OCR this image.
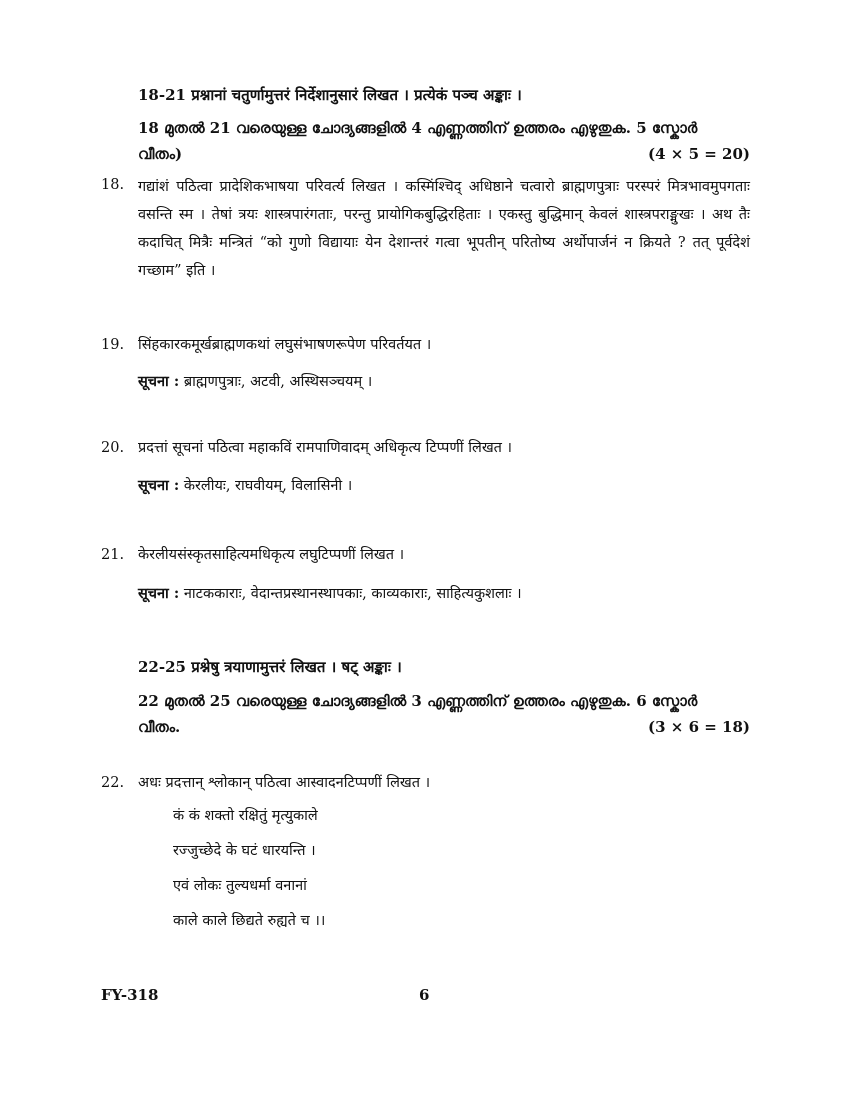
18-21 प्रश्नानां चतुर्णामुत्तरं निर्देशानुसारं लिखत । प्रत्येकं पञ्च अङ्काः ।
18 മുതൽ 21 വരെയുള്ള ചോദ്യങ്ങളിൽ 4 എണ്ണത്തിന് ഉത്തരം എഴുതുക. 5 സ്കോർ
വീതം)	(4 × 5 = 20)
18. गद्यांशं पठित्वा प्रादेशिकभाषया परिवर्त्य लिखत । कस्मिंश्चिद् अधिष्ठाने चत्वारो ब्राह्मणपुत्राः परस्परं मित्रभावमुपगताः वसन्ति स्म । तेषां त्रयः शास्त्रपारंगताः, परन्तु प्रायोगिकबुद्धिरहिताः । एकस्तु बुद्धिमान् केवलं शास्त्रपराङ्मुखः । अथ तैः कदाचित् मित्रैः मन्त्रितं “को गुणो विद्यायाः येन देशान्तरं गत्वा भूपतीन् परितोष्य अर्थोपार्जनं न क्रियते ? तत् पूर्वदेशं गच्छाम” इति ।
19. सिंहकारकमूर्खब्राह्मणकथां लघुसंभाषणरूपेण परिवर्तयत ।
सूचना : ब्राह्मणपुत्राः, अटवी, अस्थिसञ्चयम् ।
20. प्रदत्तां सूचनां पठित्वा महाकविं रामपाणिवादम् अधिकृत्य टिप्पणीं लिखत ।
सूचना : केरलीयः, राघवीयम्, विलासिनी ।
21. केरलीयसंस्कृतसाहित्यमधिकृत्य लघुटिप्पणीं लिखत ।
सूचना : नाटककाराः, वेदान्तप्रस्थानस्थापकाः, काव्यकाराः, साहित्यकुशलाः ।
22-25 प्रश्नेषु त्रयाणामुत्तरं लिखत । षट् अङ्काः ।
22 മുതൽ 25 വരെയുള്ള ചോദ്യങ്ങളിൽ 3 എണ്ണത്തിന് ഉത്തരം എഴുതുക. 6 സ്കോർ
വീതം.	(3 × 6 = 18)
22. अधः प्रदत्तान् श्लोकान् पठित्वा आस्वादनटिप्पणीं लिखत ।
कं कं शक्तो रक्षितुं मृत्युकाले
रज्जुच्छेदे के घटं धारयन्ति ।
एवं लोकः तुल्यधर्मा वनानां
काले काले छिद्यते रुह्यते च ।।
FY-318	6
